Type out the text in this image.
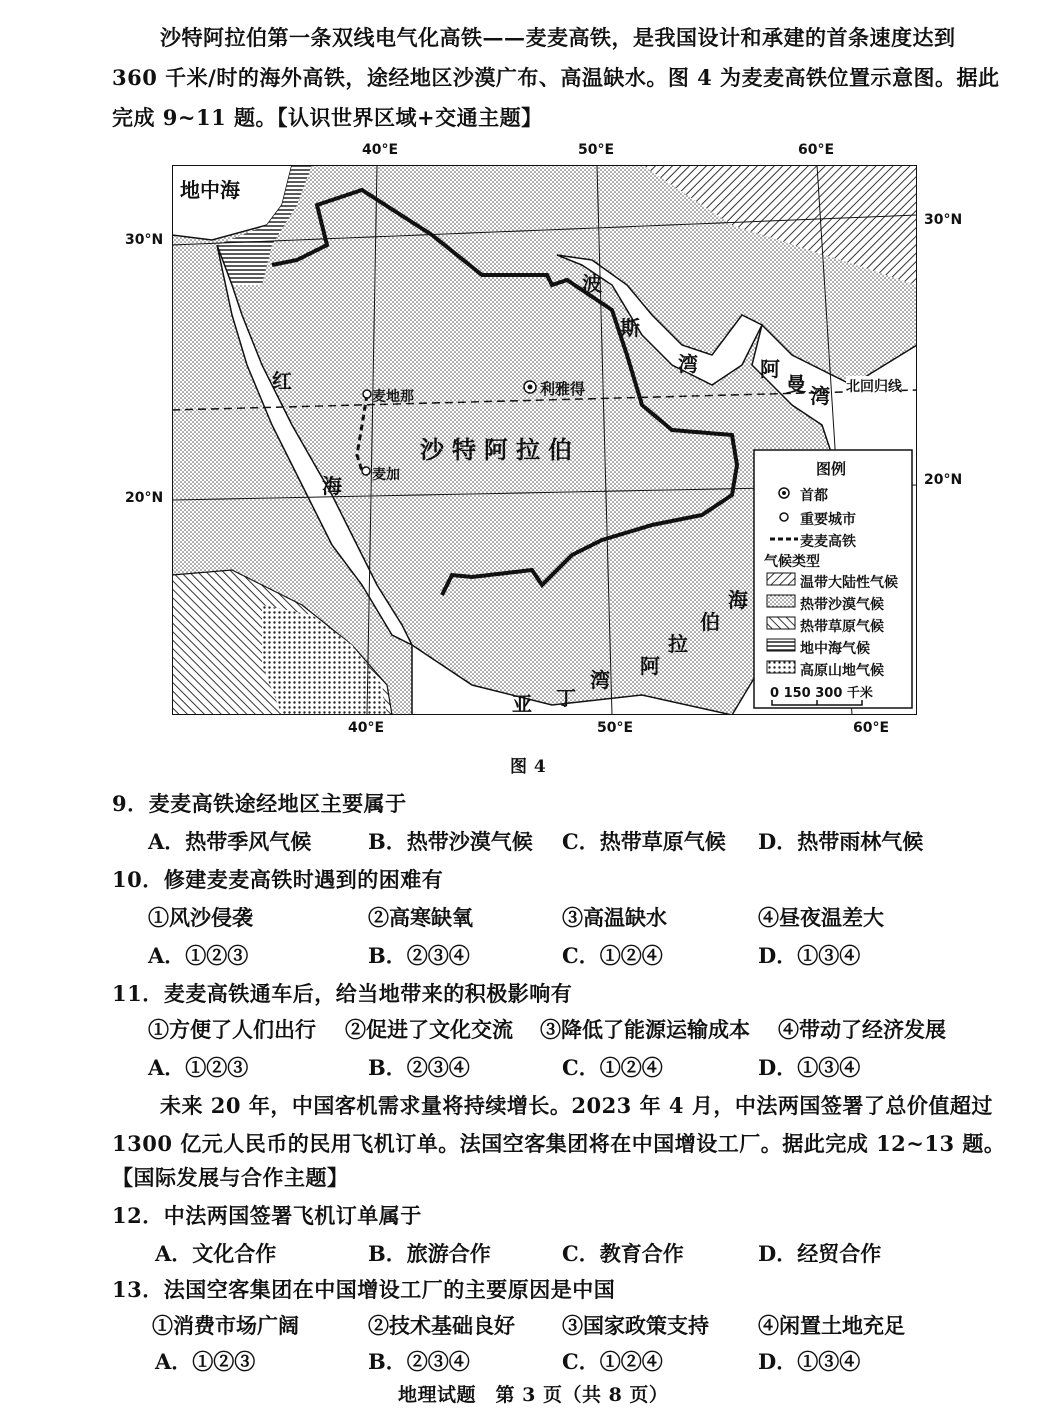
沙特阿拉伯第一条双线电气化高铁——麦麦高铁，是我国设计和承建的首条速度达到
360 千米/时的海外高铁，途经地区沙漠广布、高温缺水。图 4 为麦麦高铁位置示意图。据此
完成 9~11 题。【认识世界区域+交通主题】
40°E	50°E	60°E
30°N
30°N
20°N
20°N
地中海
红
海
波
斯
湾	阿
曼 湾
阿
拉
伯
海
亚 丁
湾
沙特阿拉伯
利雅得
麦地那
麦加
北回归线
图例
首都
重要城市
麦麦高铁
气候类型
温带大陆性气候
热带沙漠气候
热带草原气候
地中海气候
高原山地气候
0 150 300 千米
40°E	50°E	60°E
图 4
9．麦麦高铁途经地区主要属于
A．热带季风气候	B．热带沙漠气候 C．热带草原气候 D．热带雨林气候
10．修建麦麦高铁时遇到的困难有
①风沙侵袭	②高寒缺氧	③高温缺水	④昼夜温差大
A．①②③	B．②③④	C．①②④	D．①③④
11．麦麦高铁通车后，给当地带来的积极影响有
①方便了人们出行 ②促进了文化交流 ③降低了能源运输成本 ④带动了经济发展
A．①②③	B．②③④	C．①②④	D．①③④
未来 20 年，中国客机需求量将持续增长。2023 年 4 月，中法两国签署了总价值超过
1300 亿元人民币的民用飞机订单。法国空客集团将在中国增设工厂。据此完成 12~13 题。
【国际发展与合作主题】
12．中法两国签署飞机订单属于
A．文化合作	B．旅游合作	C．教育合作	D．经贸合作
13．法国空客集团在中国增设工厂的主要原因是中国
①消费市场广阔	②技术基础良好 ③国家政策支持 ④闲置土地充足
A．①②③	B．②③④	C．①②④	D．①③④
地理试题　第 3 页（共 8 页）
